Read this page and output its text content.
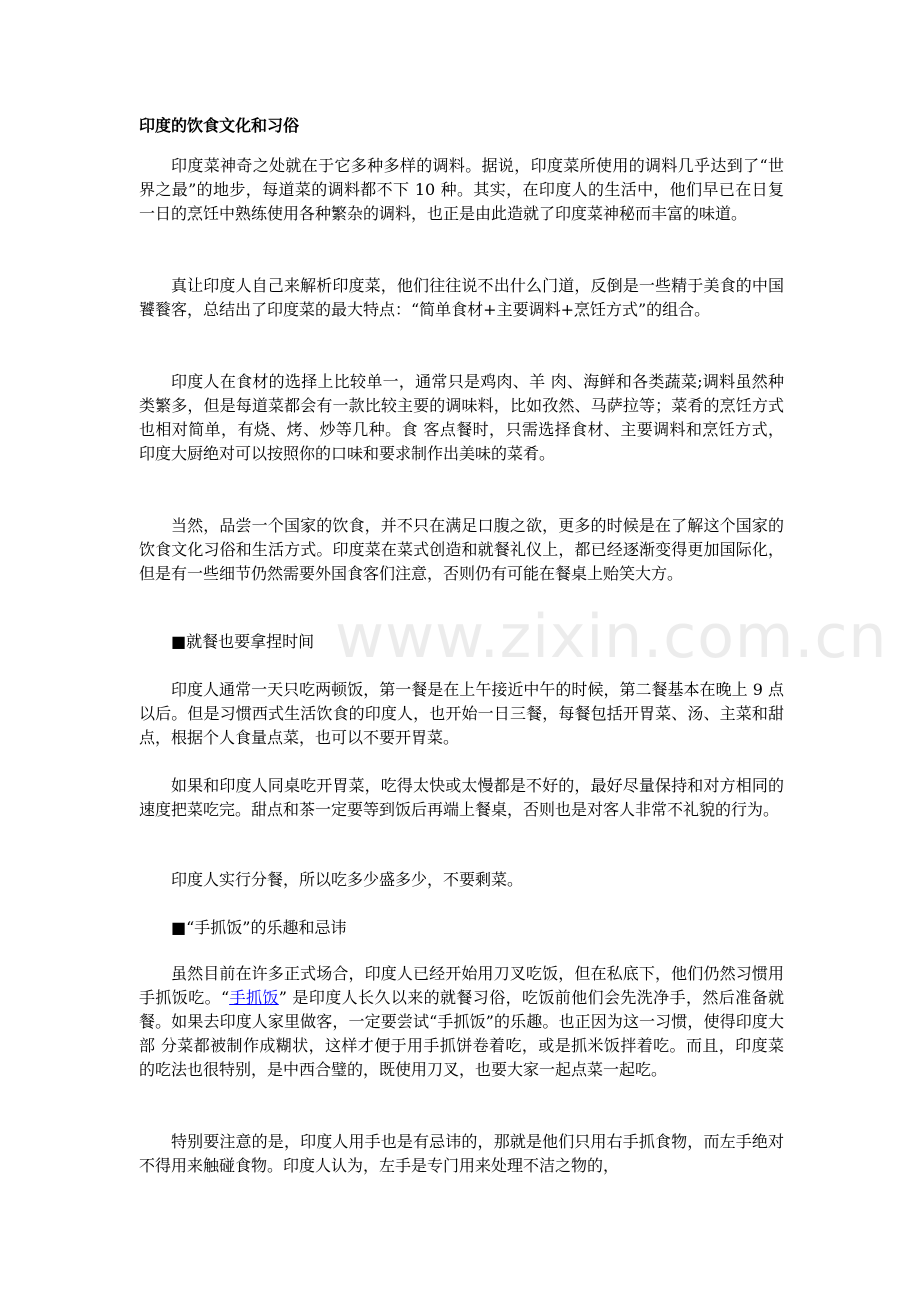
www.zixin.com.cn
印度的饮食文化和习俗

印度菜神奇之处就在于它多种多样的调料。据说，印度菜所使用的调料几乎达到了“世界之最”的地步，每道菜的调料都不下 10 种。其实，在印度人的生活中，他们早已在日复一日的烹饪中熟练使用各种繁杂的调料，也正是由此造就了印度菜神秘而丰富的味道。

真让印度人自己来解析印度菜，他们往往说不出什么门道，反倒是一些精于美食的中国饕餮客，总结出了印度菜的最大特点：“简单食材+主要调料+烹饪方式”的组合。

印度人在食材的选择上比较单一，通常只是鸡肉、羊 肉、海鲜和各类蔬菜;调料虽然种类繁多，但是每道菜都会有一款比较主要的调味料，比如孜然、马萨拉等；菜肴的烹饪方式也相对简单，有烧、烤、炒等几种。食 客点餐时，只需选择食材、主要调料和烹饪方式，印度大厨绝对可以按照你的口味和要求制作出美味的菜肴。

当然，品尝一个国家的饮食，并不只在满足口腹之欲，更多的时候是在了解这个国家的饮食文化习俗和生活方式。印度菜在菜式创造和就餐礼仪上，都已经逐渐变得更加国际化，但是有一些细节仍然需要外国食客们注意，否则仍有可能在餐桌上贻笑大方。

■就餐也要拿捏时间

印度人通常一天只吃两顿饭，第一餐是在上午接近中午的时候，第二餐基本在晚上 9 点以后。但是习惯西式生活饮食的印度人，也开始一日三餐，每餐包括开胃菜、汤、主菜和甜点，根据个人食量点菜，也可以不要开胃菜。

如果和印度人同桌吃开胃菜，吃得太快或太慢都是不好的，最好尽量保持和对方相同的速度把菜吃完。甜点和茶一定要等到饭后再端上餐桌，否则也是对客人非常不礼貌的行为。

印度人实行分餐，所以吃多少盛多少，不要剩菜。

■“手抓饭”的乐趣和忌讳

虽然目前在许多正式场合，印度人已经开始用刀叉吃饭，但在私底下，他们仍然习惯用手抓饭吃。“手抓饭” 是印度人长久以来的就餐习俗，吃饭前他们会先洗净手，然后准备就餐。如果去印度人家里做客，一定要尝试“手抓饭”的乐趣。也正因为这一习惯，使得印度大部 分菜都被制作成糊状，这样才便于用手抓饼卷着吃，或是抓米饭拌着吃。而且，印度菜的吃法也很特别，是中西合璧的，既使用刀叉，也要大家一起点菜一起吃。

特别要注意的是，印度人用手也是有忌讳的，那就是他们只用右手抓食物，而左手绝对不得用来触碰食物。印度人认为，左手是专门用来处理不洁之物的，
